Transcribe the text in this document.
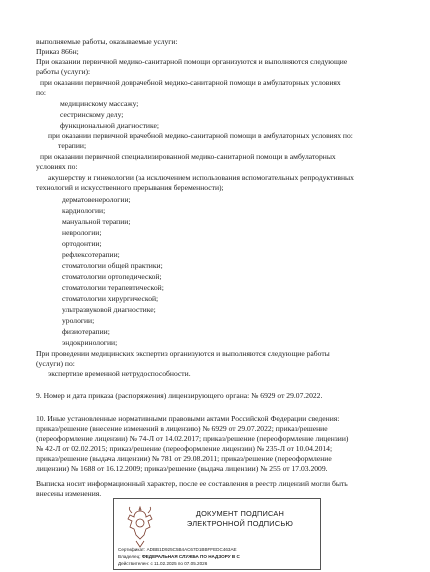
выполняемые работы, оказываемые услуги:
Приказ 866н;
При оказании первичной медико-санитарной помощи организуются и выполняются следующие
работы (услуги):
при оказании первичной доврачебной медико-санитарной помощи в амбулаторных условиях
по:
медицинскому массажу;
сестринскому делу;
функциональной диагностике;
при оказании первичной врачебной медико-санитарной помощи в амбулаторных условиях по:
терапии;
при оказании первичной специализированной медико-санитарной помощи в амбулаторных
условиях по:
акушерству и гинекологии (за исключением использования вспомогательных репродуктивных
технологий и искусственного прерывания беременности);
дерматовенерологии;
кардиологии;
мануальной терапии;
неврологии;
ортодонтии;
рефлексотерапии;
стоматологии общей практики;
стоматологии ортопедической;
стоматологии терапевтической;
стоматологии хирургической;
ультразвуковой диагностике;
урологии;
физиотерапии;
эндокринологии;
При проведении медицинских экспертиз организуются и выполняются следующие работы
(услуги) по:
экспертизе временной нетрудоспособности.
9. Номер и дата приказа (распоряжения) лицензирующего органа: № 6929 от 29.07.2022.
10. Иные установленные нормативными правовыми актами Российской Федерации сведения:
приказ/решение (внесение изменений в лицензию) № 6929 от 29.07.2022; приказ/решение
(переоформление лицензии) № 74-Л от 14.02.2017; приказ/решение (переоформление лицензии)
№ 42-Л от 02.02.2015; приказ/решение (переоформление лицензии) № 235-Л от 10.04.2014;
приказ/решение (выдача лицензии) № 781 от 29.08.2011; приказ/решение (переоформление
лицензии) № 1688 от 16.12.2009; приказ/решение (выдача лицензии) № 255 от 17.03.2009.
Выписка носит информационный характер, после ее составления в реестр лицензий могли быть
внесены изменения.
ДОКУМЕНТ ПОДПИСАН
ЭЛЕКТРОННОЙ ПОДПИСЬЮ
Сертификат: АDВВ1D925С5В4АС67D1ВВFFEDC463АЕ
Владелец: ФЕДЕРАЛЬНАЯ СЛУЖБА ПО НАДЗОРУ В С
Действителен: с 11.02.2025 по 07.05.2026
